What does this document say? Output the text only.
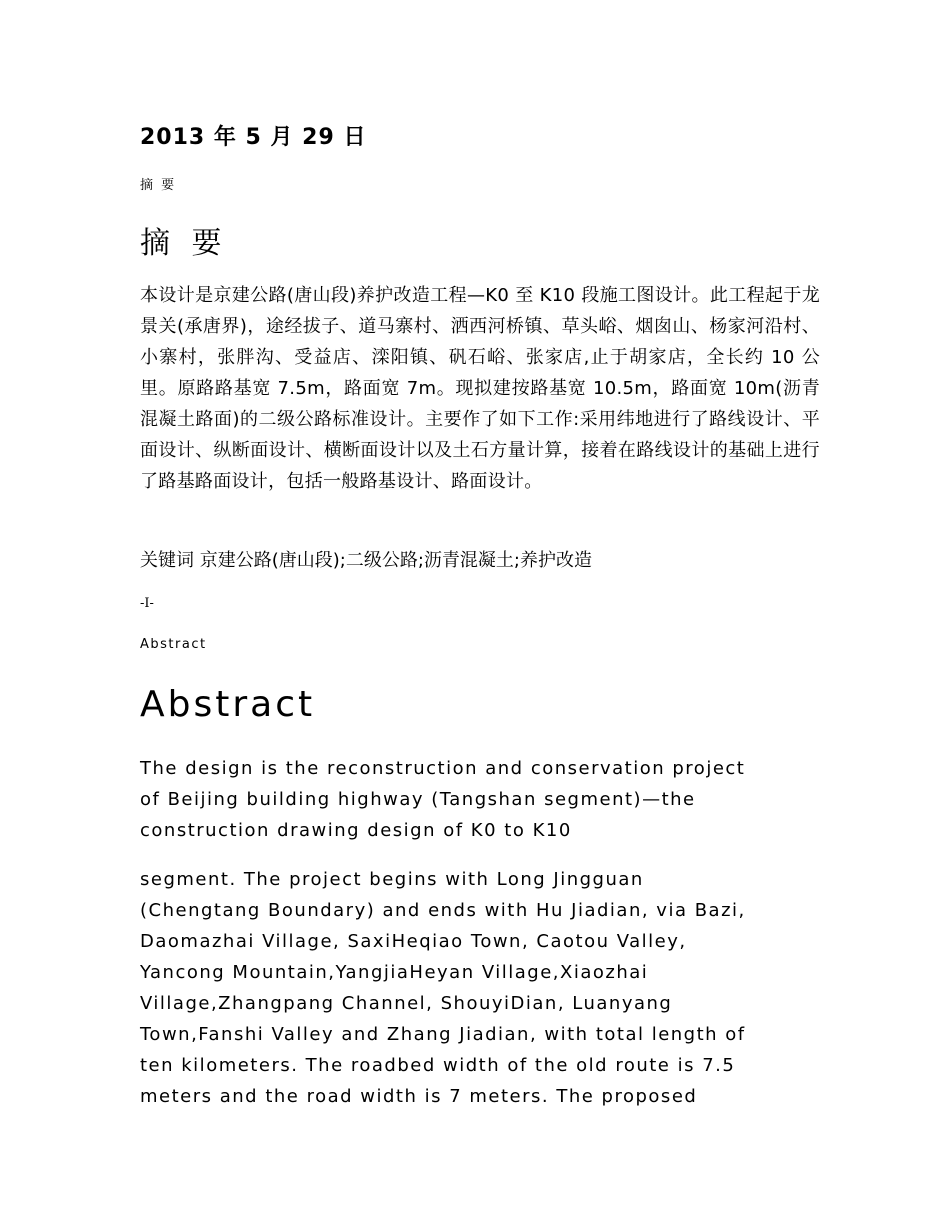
2013 年 5 月 29 日
摘 要
摘 要

本设计是京建公路(唐山段)养护改造工程—K0 至 K10 段施工图设计。此工程起于龙景关(承唐界)，途经拔子、道马寨村、洒西河桥镇、草头峪、烟囱山、杨家河沿村、小寨村，张胖沟、受益店、滦阳镇、矾石峪、张家店,止于胡家店，全长约 10 公里。原路路基宽 7.5m，路面宽 7m。现拟建按路基宽 10.5m，路面宽 10m(沥青混凝土路面)的二级公路标准设计。主要作了如下工作:采用纬地进行了路线设计、平面设计、纵断面设计、横断面设计以及土石方量计算，接着在路线设计的基础上进行了路基路面设计，包括一般路基设计、路面设计。

关键词 京建公路(唐山段);二级公路;沥青混凝土;养护改造
-I-
Abstract
Abstract

The design is the reconstruction and conservation project
of Beijing building highway (Tangshan segment)—the
construction drawing design of K0 to K10

segment. The project begins with Long Jingguan
(Chengtang Boundary) and ends with Hu Jiadian, via Bazi,
Daomazhai Village, SaxiHeqiao Town, Caotou Valley,
Yancong Mountain,YangjiaHeyan Village,Xiaozhai
Village,Zhangpang Channel, ShouyiDian, Luanyang
Town,Fanshi Valley and Zhang Jiadian, with total length of
ten kilometers. The roadbed width of the old route is 7.5
meters and the road width is 7 meters. The proposed
